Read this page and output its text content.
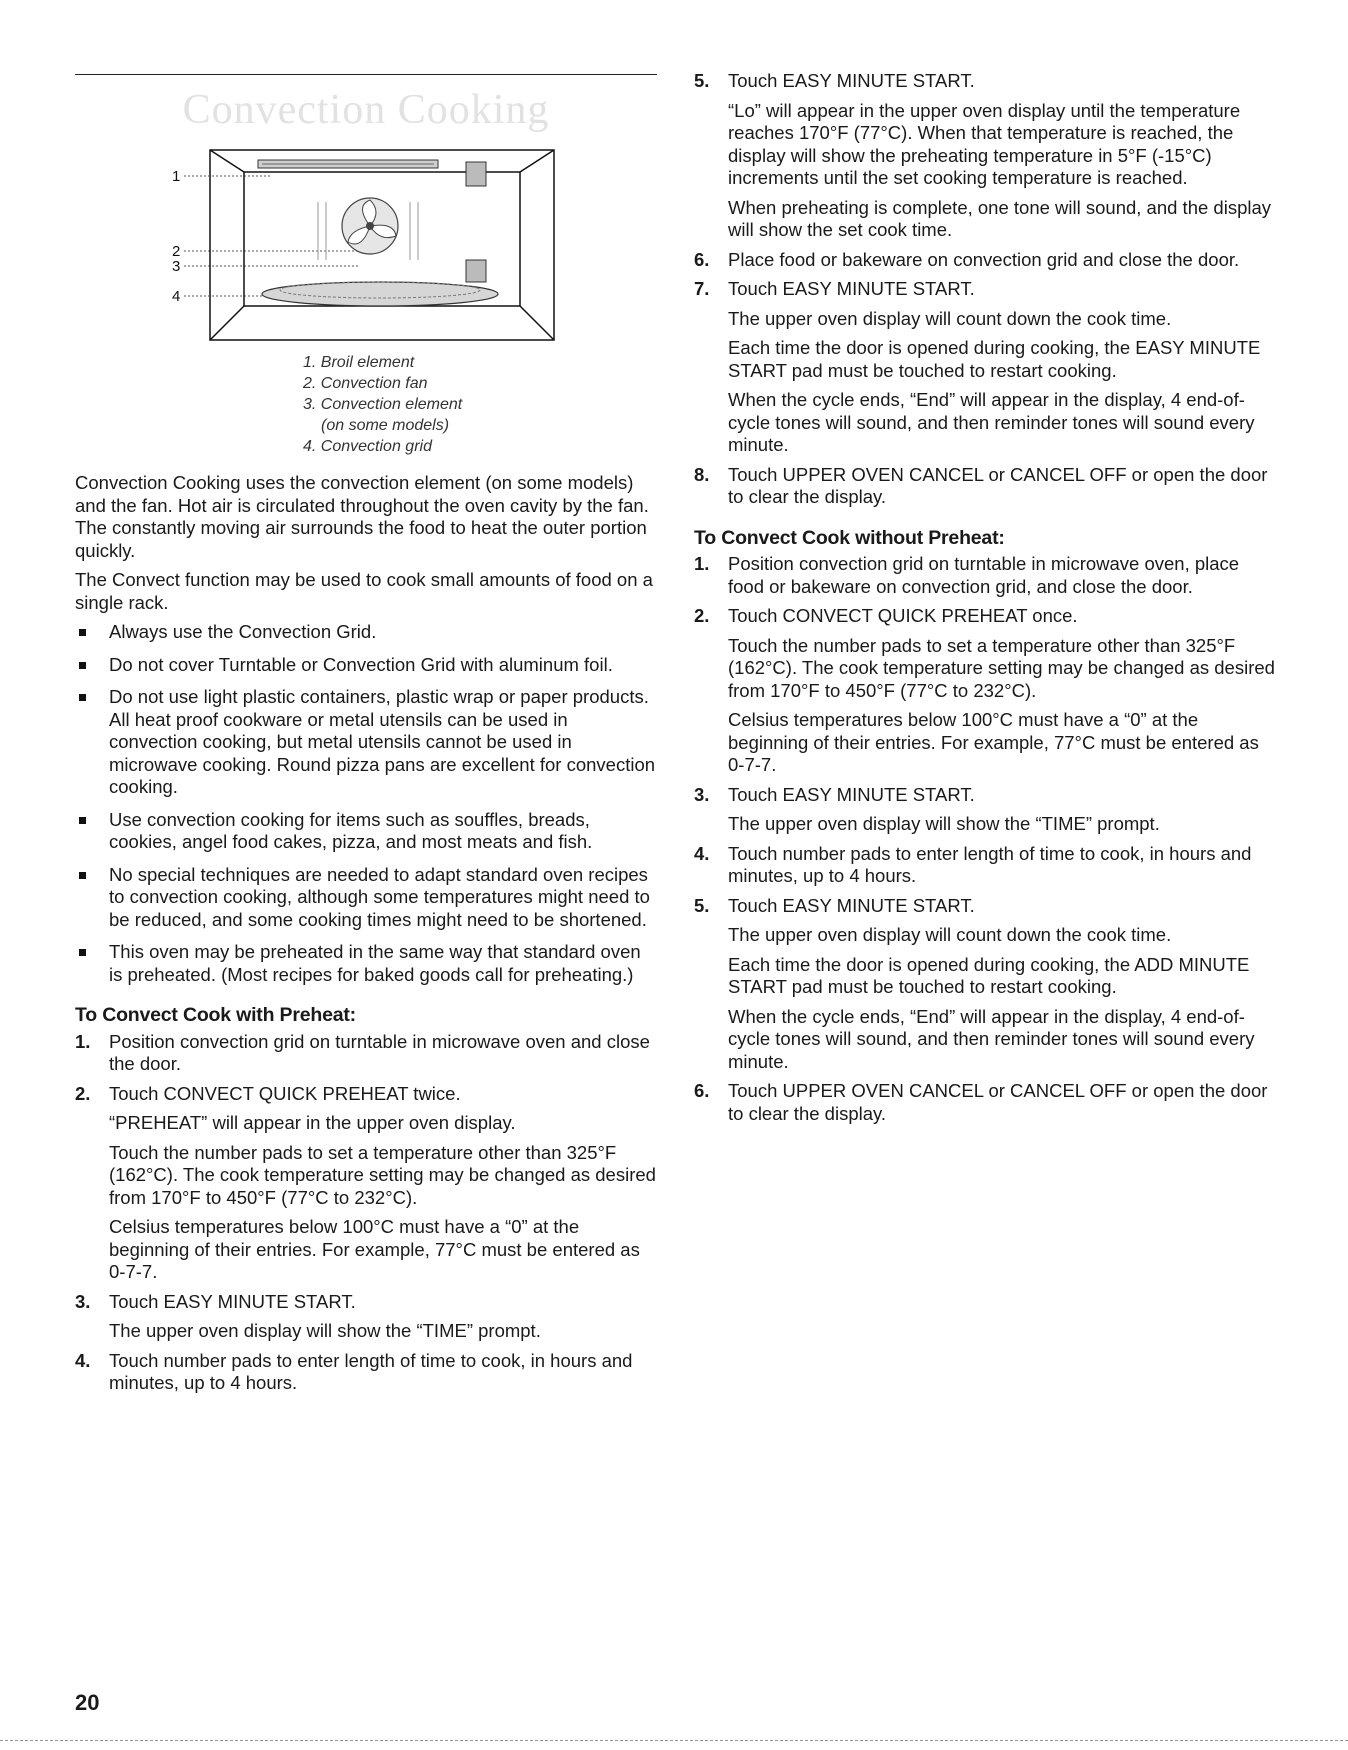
Convection Cooking
1
2
3
4
1. Broil element
2. Convection fan
3. Convection element
(on some models)
4. Convection grid

Convection Cooking uses the convection element (on some models) and the fan. Hot air is circulated throughout the oven cavity by the fan. The constantly moving air surrounds the food to heat the outer portion quickly.

The Convect function may be used to cook small amounts of food on a single rack.

Always use the Convection Grid.
Do not cover Turntable or Convection Grid with aluminum foil.
Do not use light plastic containers, plastic wrap or paper products. All heat proof cookware or metal utensils can be used in convection cooking, but metal utensils cannot be used in microwave cooking. Round pizza pans are excellent for convection cooking.
Use convection cooking for items such as souffles, breads, cookies, angel food cakes, pizza, and most meats and fish.
No special techniques are needed to adapt standard oven recipes to convection cooking, although some temperatures might need to be reduced, and some cooking times might need to be shortened.
This oven may be preheated in the same way that standard oven is preheated. (Most recipes for baked goods call for preheating.)
To Convect Cook with Preheat:
1. Position convection grid on turntable in microwave oven and close the door.
2. Touch CONVECT QUICK PREHEAT twice.
“PREHEAT” will appear in the upper oven display.
Touch the number pads to set a temperature other than 325°F (162°C). The cook temperature setting may be changed as desired from 170°F to 450°F (77°C to 232°C).
Celsius temperatures below 100°C must have a “0” at the beginning of their entries. For example, 77°C must be entered as 0-7-7.
3. Touch EASY MINUTE START.
The upper oven display will show the “TIME” prompt.
4. Touch number pads to enter length of time to cook, in hours and minutes, up to 4 hours.
5. Touch EASY MINUTE START.
“Lo” will appear in the upper oven display until the temperature reaches 170°F (77°C). When that temperature is reached, the display will show the preheating temperature in 5°F (-15°C) increments until the set cooking temperature is reached.
When preheating is complete, one tone will sound, and the display will show the set cook time.
6. Place food or bakeware on convection grid and close the door.
7. Touch EASY MINUTE START.
The upper oven display will count down the cook time.
Each time the door is opened during cooking, the EASY MINUTE START pad must be touched to restart cooking.
When the cycle ends, “End” will appear in the display, 4 end-of-cycle tones will sound, and then reminder tones will sound every minute.
8. Touch UPPER OVEN CANCEL or CANCEL OFF or open the door to clear the display.
To Convect Cook without Preheat:
1. Position convection grid on turntable in microwave oven, place food or bakeware on convection grid, and close the door.
2. Touch CONVECT QUICK PREHEAT once.
Touch the number pads to set a temperature other than 325°F (162°C). The cook temperature setting may be changed as desired from 170°F to 450°F (77°C to 232°C).
Celsius temperatures below 100°C must have a “0” at the beginning of their entries. For example, 77°C must be entered as 0-7-7.
3. Touch EASY MINUTE START.
The upper oven display will show the “TIME” prompt.
4. Touch number pads to enter length of time to cook, in hours and minutes, up to 4 hours.
5. Touch EASY MINUTE START.
The upper oven display will count down the cook time.
Each time the door is opened during cooking, the ADD MINUTE START pad must be touched to restart cooking.
When the cycle ends, “End” will appear in the display, 4 end-of-cycle tones will sound, and then reminder tones will sound every minute.
6. Touch UPPER OVEN CANCEL or CANCEL OFF or open the door to clear the display.
20
